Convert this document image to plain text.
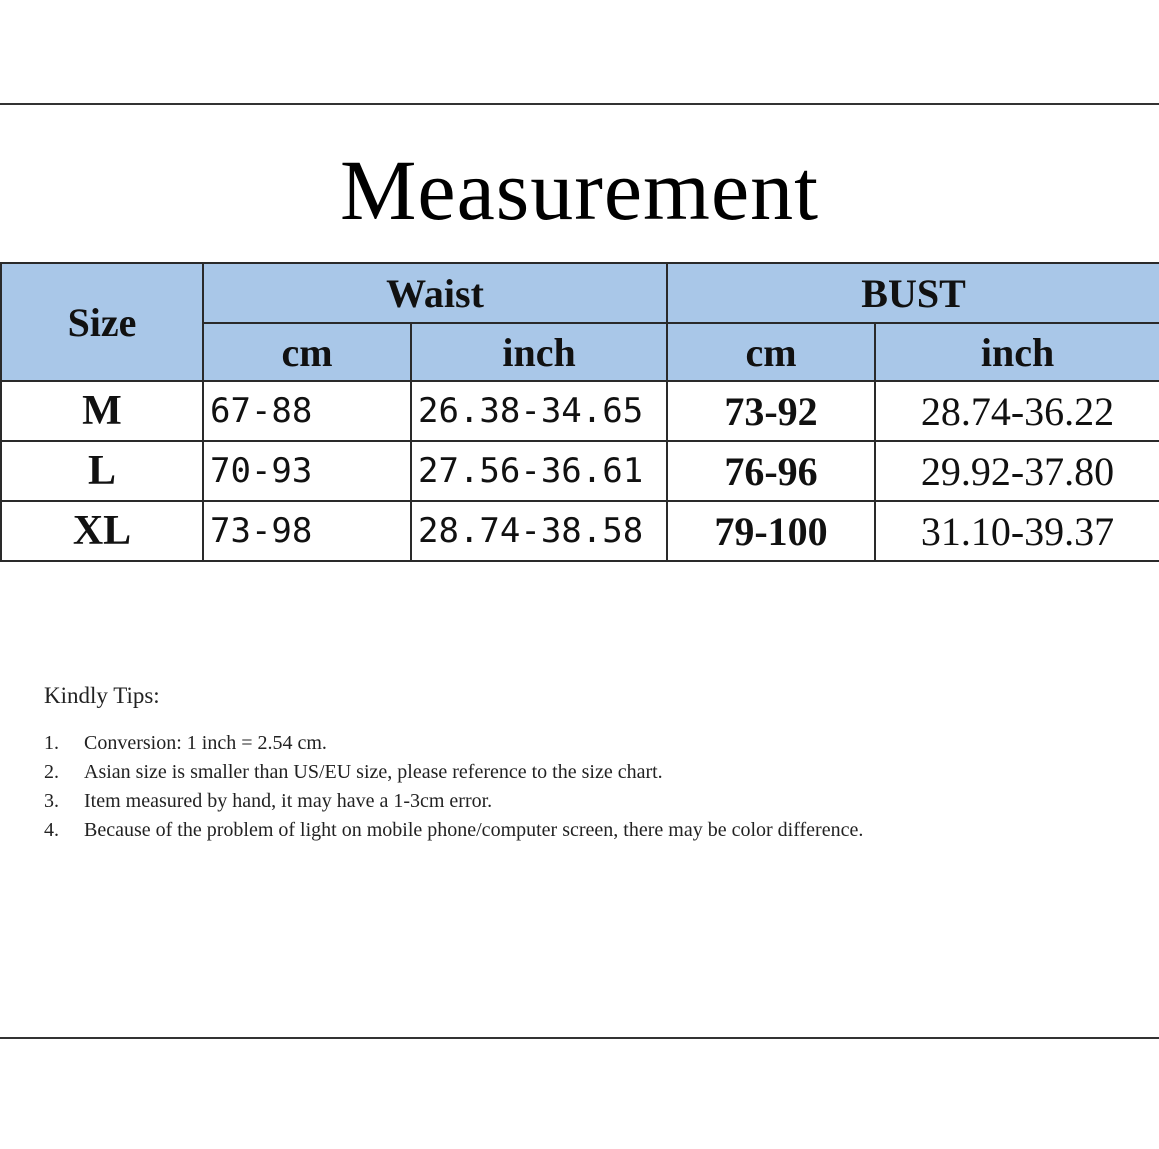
Measurement
Size	Waist		BUST	
	cm	inch	cm	inch
M	67-88	26.38-34.65	73-92	28.74-36.22
L	70-93	27.56-36.61	76-96	29.92-37.80
XL	73-98	28.74-38.58	79-100	31.10-39.37
Kindly Tips:
1.	Conversion: 1 inch = 2.54 cm.
2.	Asian size is smaller than US/EU size, please reference to the size chart.
3.	Item measured by hand, it may have a 1-3cm error.
4.	Because of the problem of light on mobile phone/computer screen, there may be color difference.
